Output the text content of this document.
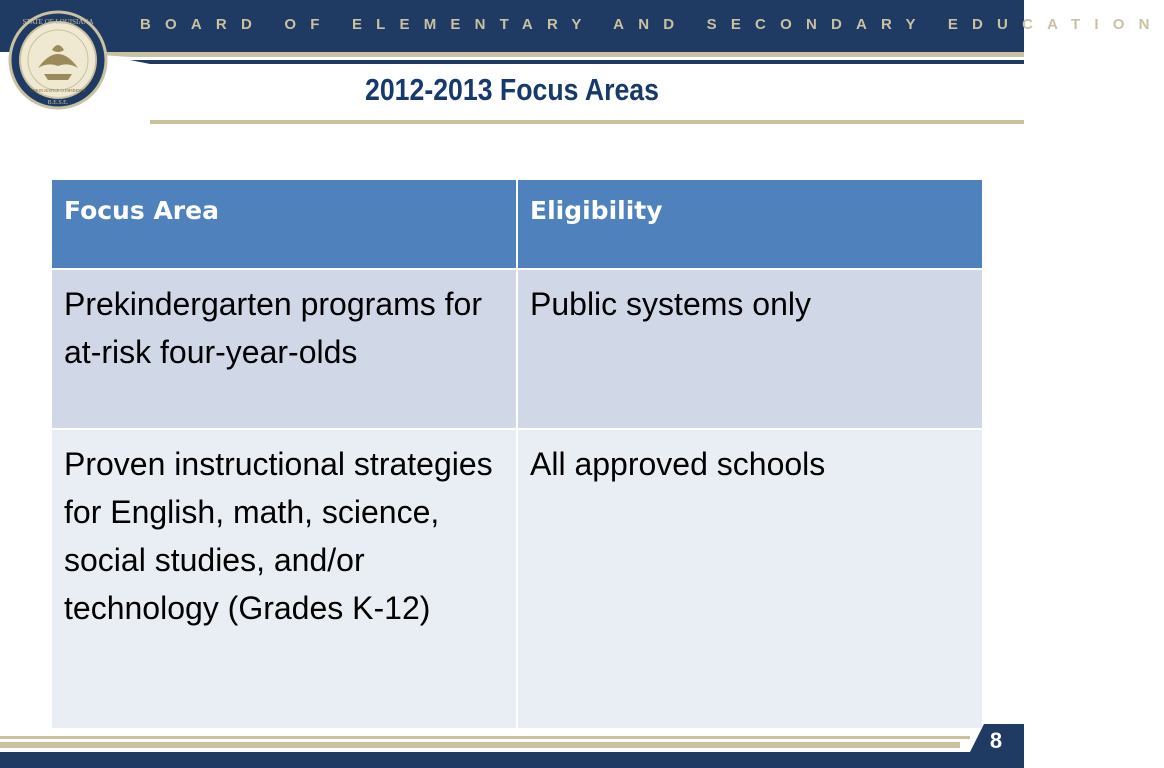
BOARD OF ELEMENTARY AND SECONDARY EDUCATION
STATE OF LOUISIANA
UNION JUSTICE CONFIDENCE
B.E.S.E.	2012-2013 Focus Areas
Focus Area	Eligibility
Prekindergarten programs for at-risk four-year-olds	Public systems only
Proven instructional strategies for English, math, science, social studies, and/or technology (Grades K-12)	All approved schools
8
